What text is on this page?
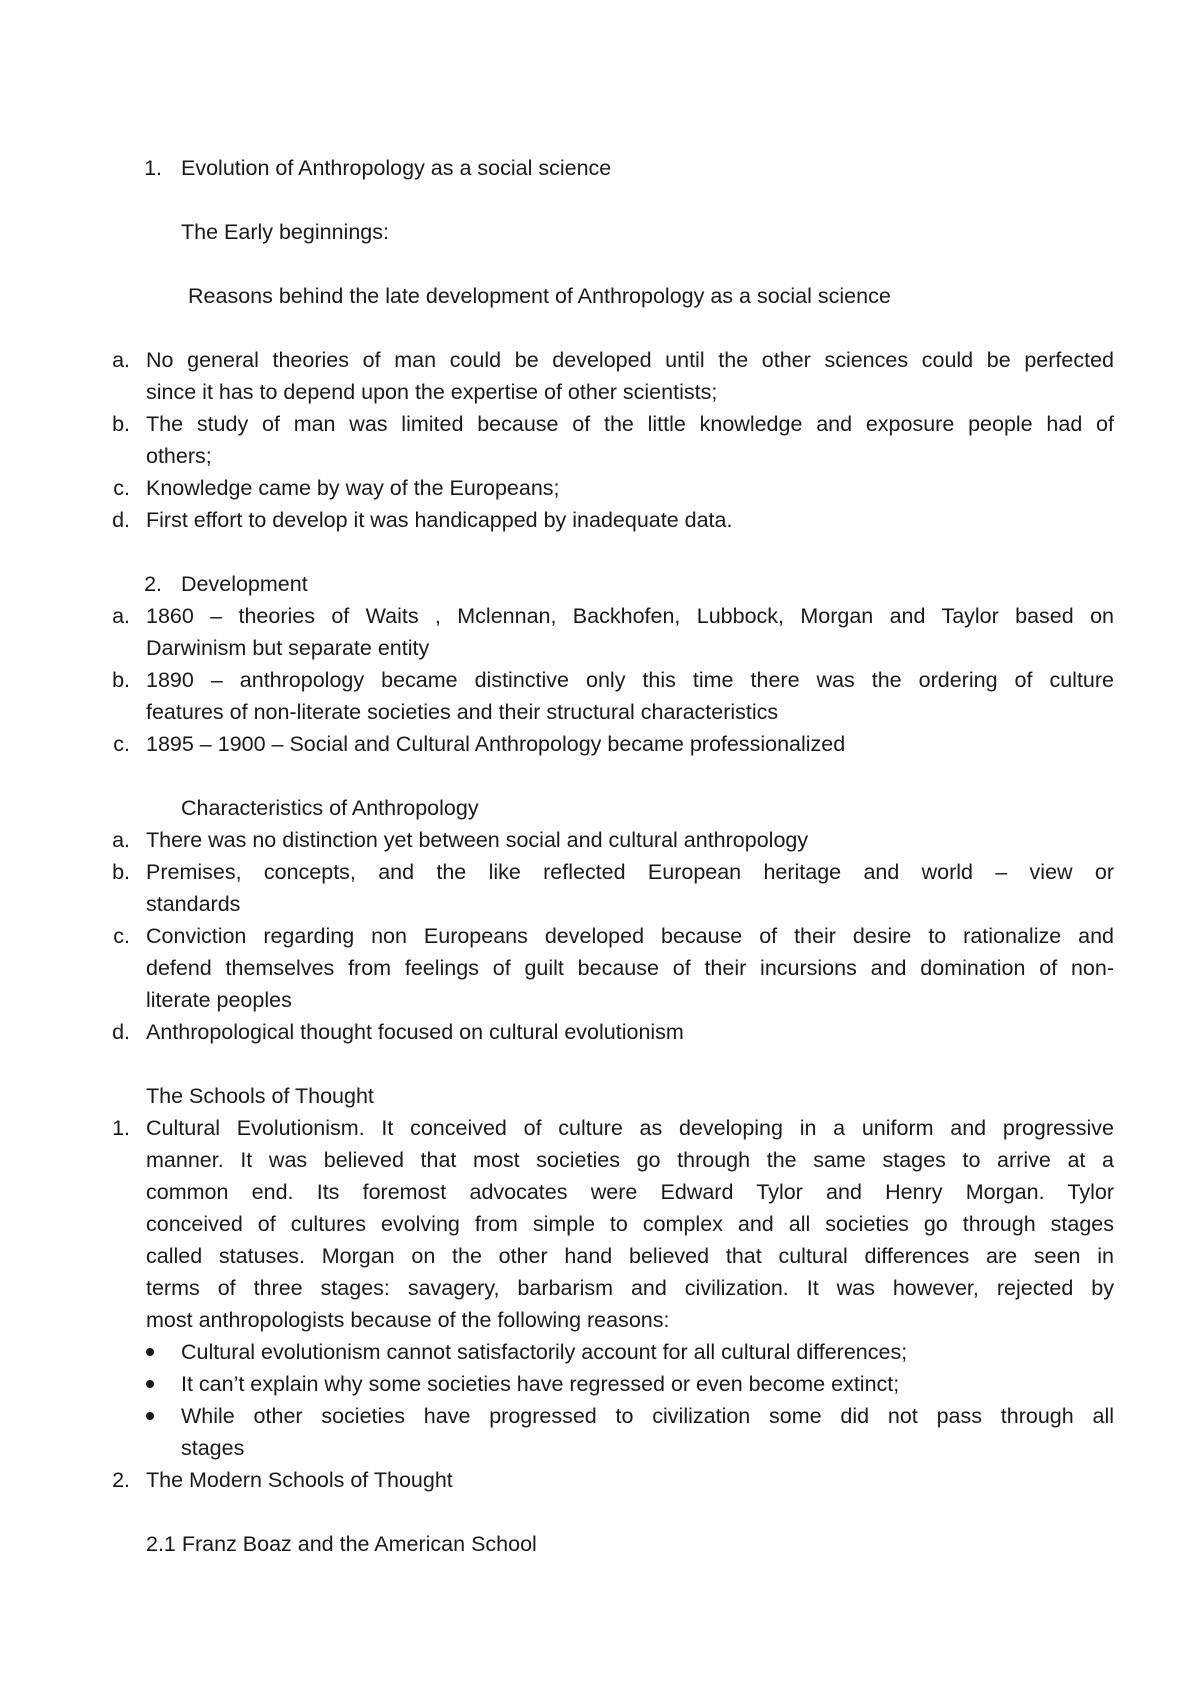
1. Evolution of Anthropology as a social science
The Early beginnings:
Reasons behind the late development of Anthropology as a social science
a. No general theories of man could be developed until the other sciences could be perfected
since it has to depend upon the expertise of other scientists;
b. The study of man was limited because of the little knowledge and exposure people had of
others;
c. Knowledge came by way of the Europeans;
d. First effort to develop it was handicapped by inadequate data.
2. Development
a. 1860 – theories of Waits , Mclennan, Backhofen, Lubbock, Morgan and Taylor based on
Darwinism but separate entity
b. 1890 – anthropology became distinctive only this time there was the ordering of culture
features of non-literate societies and their structural characteristics
c. 1895 – 1900 – Social and Cultural Anthropology became professionalized
Characteristics of Anthropology
a. There was no distinction yet between social and cultural anthropology
b. Premises, concepts, and the like reflected European heritage and world – view or
standards
c. Conviction regarding non Europeans developed because of their desire to rationalize and
defend themselves from feelings of guilt because of their incursions and domination of non-
literate peoples
d. Anthropological thought focused on cultural evolutionism
The Schools of Thought
1. Cultural Evolutionism. It conceived of culture as developing in a uniform and progressive
manner. It was believed that most societies go through the same stages to arrive at a
common end. Its foremost advocates were Edward Tylor and Henry Morgan. Tylor
conceived of cultures evolving from simple to complex and all societies go through stages
called statuses. Morgan on the other hand believed that cultural differences are seen in
terms of three stages: savagery, barbarism and civilization. It was however, rejected by
most anthropologists because of the following reasons:
Cultural evolutionism cannot satisfactorily account for all cultural differences;
It can’t explain why some societies have regressed or even become extinct;
While other societies have progressed to civilization some did not pass through all
stages
2. The Modern Schools of Thought
2.1 Franz Boaz and the American School
